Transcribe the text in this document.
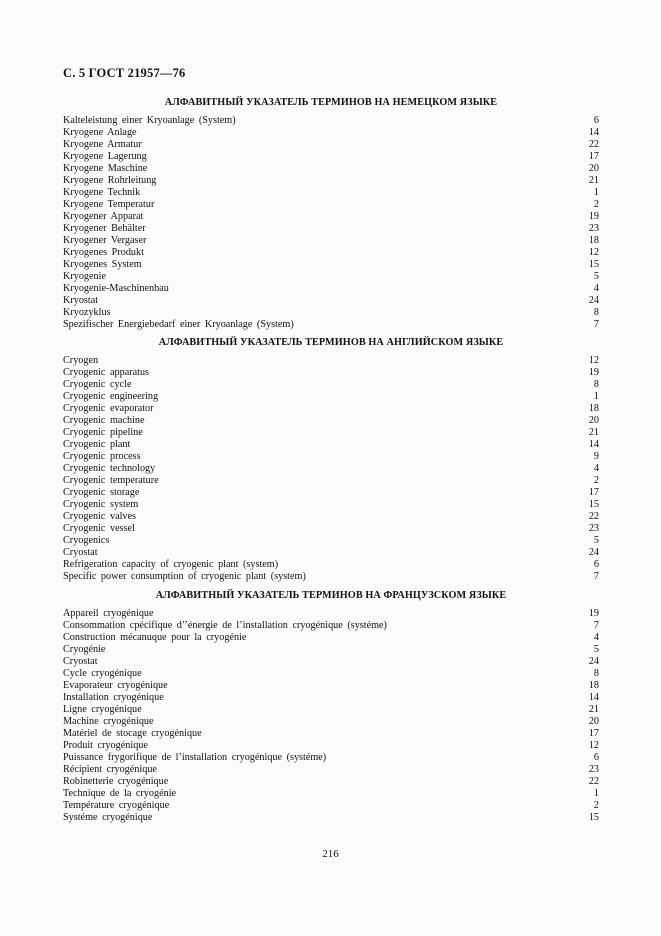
С. 5 ГОСТ 21957—76
АЛФАВИТНЫЙ УКАЗАТЕЛЬ ТЕРМИНОВ НА НЕМЕЦКОМ ЯЗЫКЕ
Kalteleistung einer Kryoanlage (System)	6
Kryogene Anlage	14
Kryogene Armatur	22
Kryogene Lagerung	17
Kryogene Maschine	20
Kryogene Rohrleitung	21
Kryogene Technik	1
Kryogene Temperatur	2
Kryogener Apparat	19
Kryogener Behälter	23
Kryogener Vergaser	18
Kryogenes Produkt	12
Kryogenes System	15
Kryogenie	5
Kryogenie-Maschinenbau	4
Kryostat	24
Kryozyklus	8
Spezifischer Energiebedarf einer Kryoanlage (System)	7
АЛФАВИТНЫЙ УКАЗАТЕЛЬ ТЕРМИНОВ НА АНГЛИЙСКОМ ЯЗЫКЕ
Cryogen	12
Cryogenic apparatus	19
Cryogenic cycle	8
Cryogenic engineering	1
Cryogenic evaporator	18
Cryogenic machine	20
Cryogenic pipeline	21
Cryogenic plant	14
Cryogenic process	9
Cryogenic technology	4
Cryogenic temperature	2
Cryogenic storage	17
Cryogenic system	15
Cryogenic valves	22
Cryogenic vessel	23
Cryogenics	5
Cryostat	24
Refrigeration capacity of cryogenic plant (system)	6
Specific power consumption of cryogenic plant (system)	7
АЛФАВИТНЫЙ УКАЗАТЕЛЬ ТЕРМИНОВ НА ФРАНЦУЗСКОМ ЯЗЫКЕ
Appareil cryogénique	19
Consommation cpécifique d’’énergie de l’installation cryogénique (systéme)	7
Construction mécanuque pour la cryogénie	4
Cryogénie	5
Cryostat	24
Cycle cryogénique	8
Evaporateur cryogénique	18
Installation cryogénique	14
Ligne cryogénique	21
Machine cryogénique	20
Matériel de stocage cryogénique	17
Produit cryogénique	12
Puissance frygorifique de l’installation cryogénique (systéme)	6
Récipient cryogénique	23
Robinetterie cryogénique	22
Technique de la cryogénie	1
Température cryogénique	2
Systéme cryogénique	15
216
